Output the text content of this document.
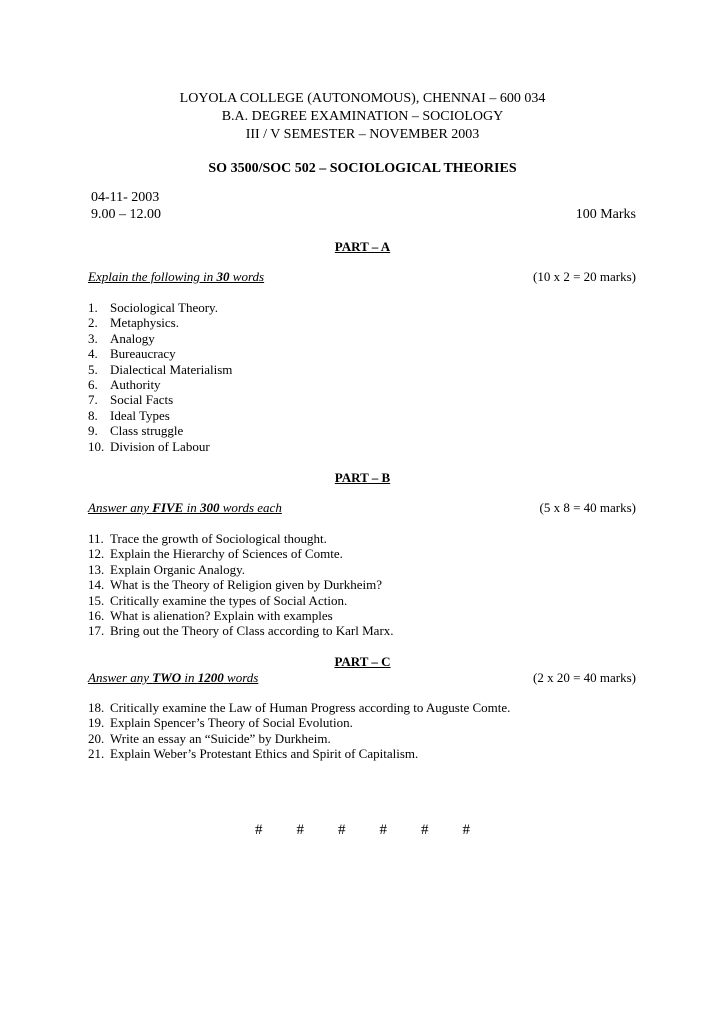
LOYOLA COLLEGE (AUTONOMOUS), CHENNAI – 600 034
B.A. DEGREE EXAMINATION – SOCIOLOGY
III / V SEMESTER – NOVEMBER 2003
SO 3500/SOC 502 – SOCIOLOGICAL THEORIES
04-11- 2003
9.00 – 12.00	100 Marks
PART – A
Explain the following in 30 words	(10 x 2 = 20 marks)
1. Sociological Theory.
2. Metaphysics.
3. Analogy
4. Bureaucracy
5. Dialectical Materialism
6. Authority
7. Social Facts
8. Ideal Types
9. Class struggle
10. Division of Labour
PART – B
Answer any FIVE in 300 words each	(5 x 8 = 40 marks)
11. Trace the growth of Sociological thought.
12. Explain the Hierarchy of Sciences of Comte.
13. Explain Organic Analogy.
14. What is the Theory of Religion given by Durkheim?
15. Critically examine the types of Social Action.
16. What is alienation? Explain with examples
17. Bring out the Theory of Class according to Karl Marx.
PART – C
Answer any TWO in 1200 words	(2 x 20 = 40 marks)
18. Critically examine the Law of Human Progress according to Auguste Comte.
19. Explain Spencer’s Theory of Social Evolution.
20. Write an essay an “Suicide” by Durkheim.
21. Explain Weber’s Protestant Ethics and Spirit of Capitalism.
# # # # # #
